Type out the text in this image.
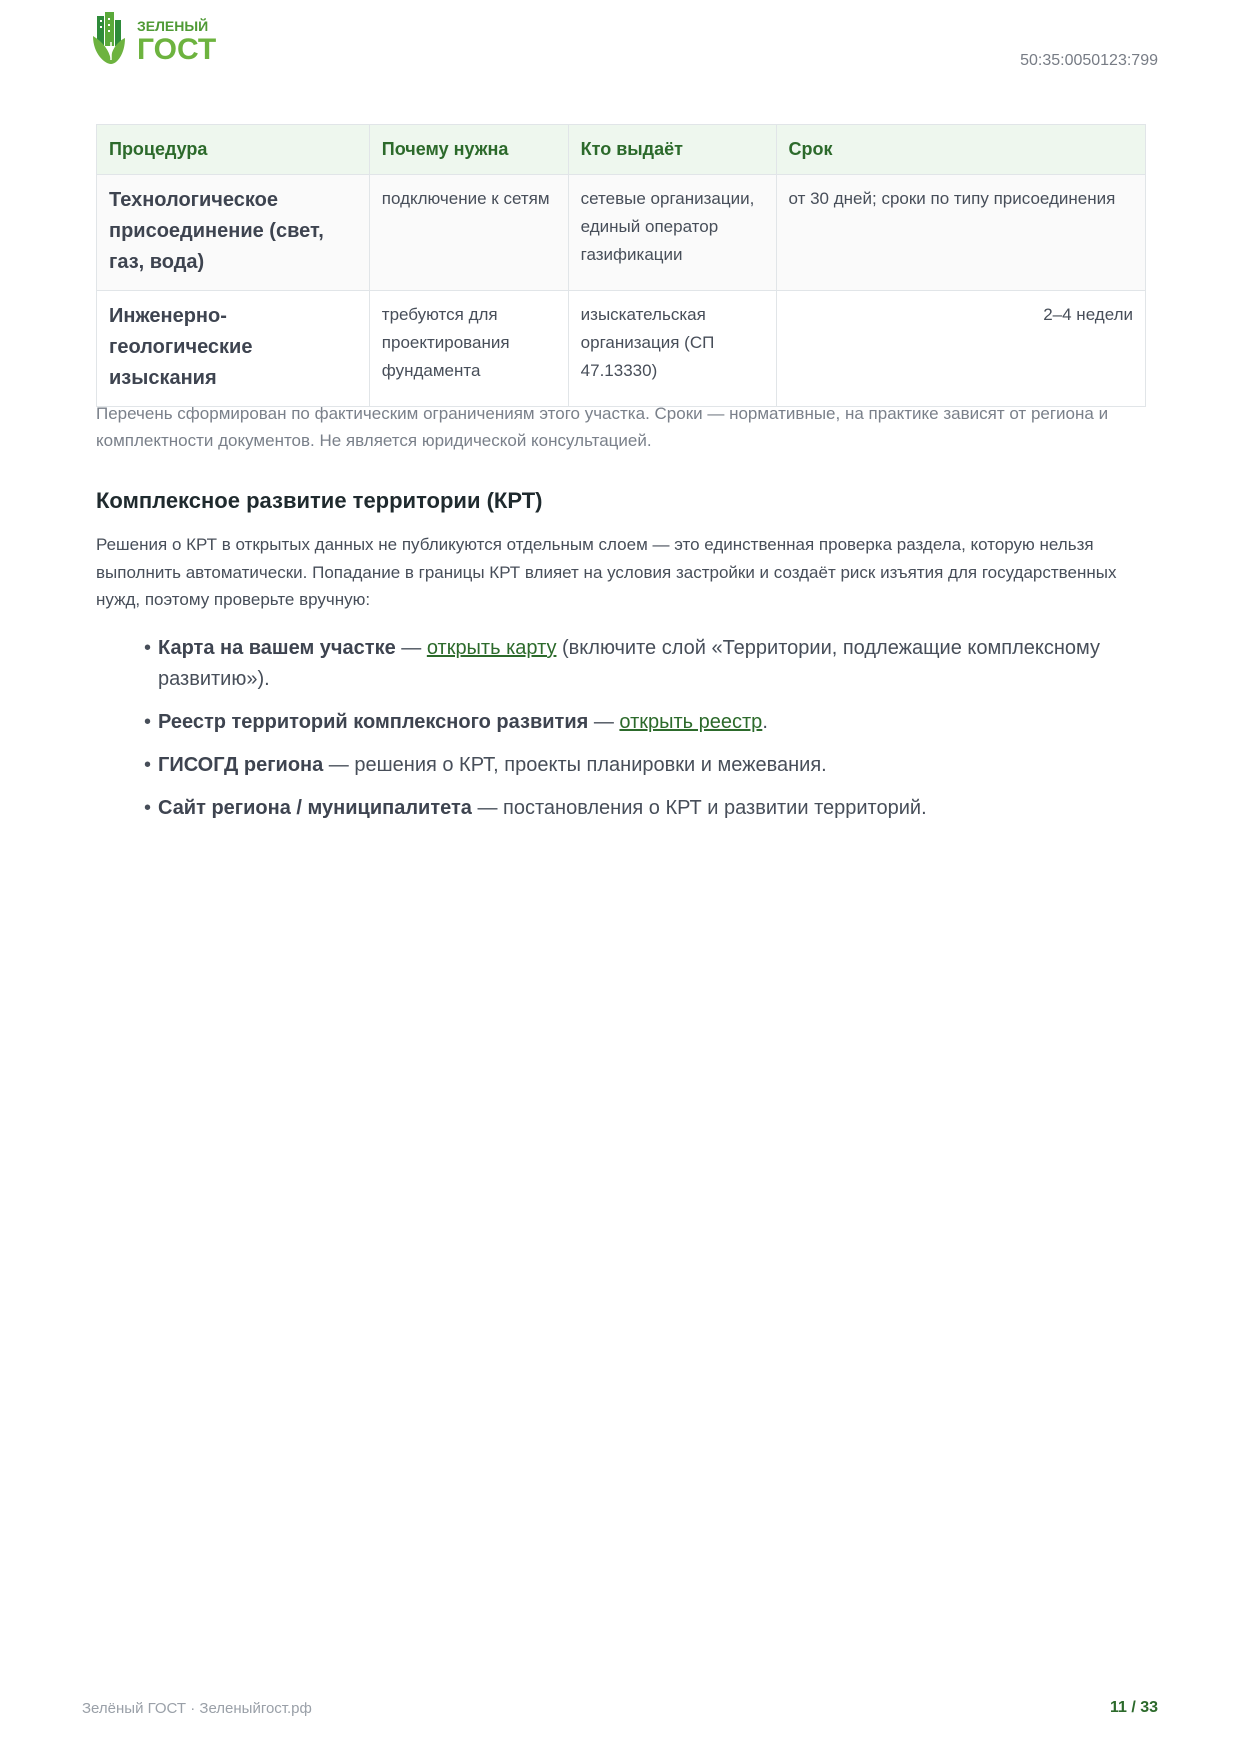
ЗЕЛЕНЫЙ
ГОСТ	50:35:0050123:799
Процедура	Почему нужна	Кто выдаёт	Срок
Технологическое присоединение (свет, газ, вода)	подключение к сетям	сетевые организации, единый оператор газификации	от 30 дней; сроки по типу присоединения
Инженерно-геологические изыскания	требуются для проектирования фундамента	изыскательская организация (СП 47.13330)	2–4 недели
Перечень сформирован по фактическим ограничениям этого участка. Сроки — нормативные, на практике зависят от региона и комплектности документов. Не является юридической консультацией.
Комплексное развитие территории (КРТ)

Решения о КРТ в открытых данных не публикуются отдельным слоем — это единственная проверка раздела, которую нельзя выполнить автоматически. Попадание в границы КРТ влияет на условия застройки и создаёт риск изъятия для государственных нужд, поэтому проверьте вручную:

• Карта на вашем участке — открыть карту (включите слой «Территории, подлежащие комплексному развитию»).
• Реестр территорий комплексного развития — открыть реестр.
• ГИСОГД региона — решения о КРТ, проекты планировки и межевания.
• Сайт региона / муниципалитета — постановления о КРТ и развитии территорий.
Зелёный ГОСТ · Зеленыйгост.рф	11 / 33
